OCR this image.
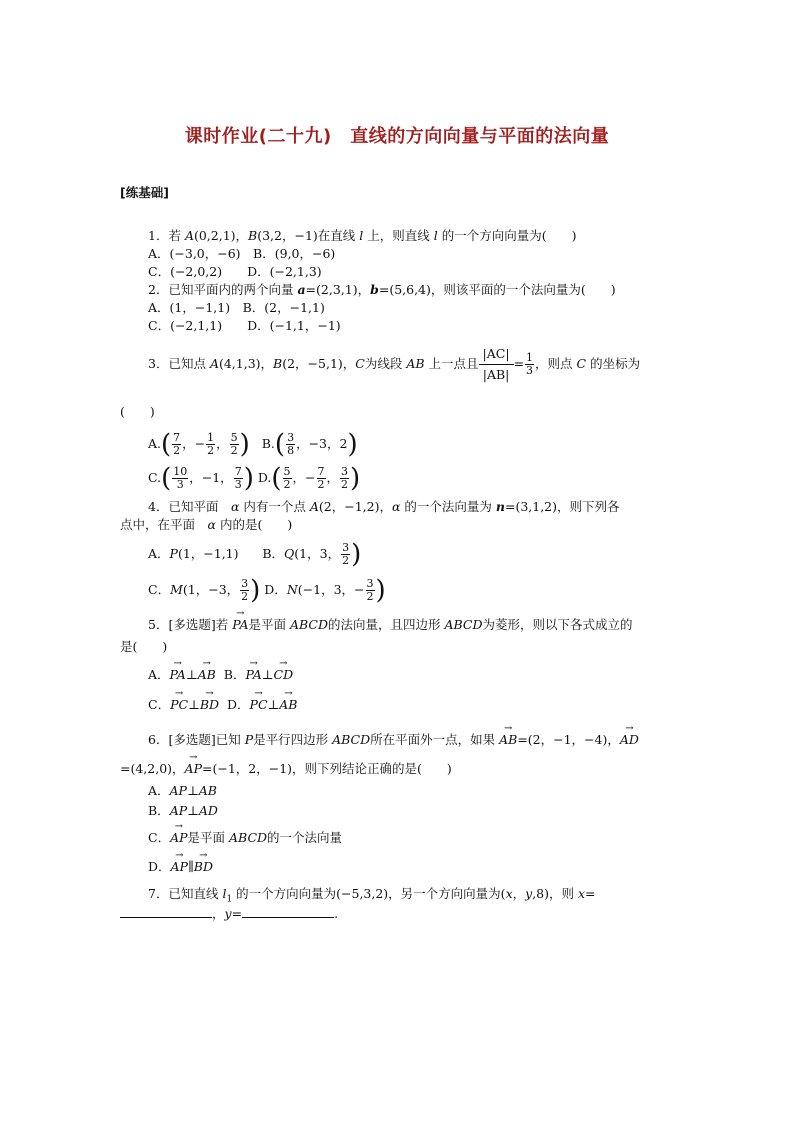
课时作业(二十九)　直线的方向向量与平面的法向量
[练基础]
1．若 A(0,2,1)，B(3,2，−1)在直线 l 上，则直线 l 的一个方向向量为(　　)
A．(−3,0，−6)　B．(9,0，−6)
C．(−2,0,2)　　D．(−2,1,3)
2．已知平面内的两个向量 a=(2,3,1)，b=(5,6,4)，则该平面的一个法向量为(　　)
A．(1，−1,1)　B．(2，−1,1)
C．(−2,1,1)　　D．(−1,1，−1)
3．已知点 A(4,1,3)，B(2，−5,1)，C为线段 AB 上一点且 $\frac{|AC|}{|AB|}= \frac{1}{3}$ ，则点 C 的坐标为
(　　)
$A.( \frac{7}{2}$ ，− $\frac{1}{2}$ ， $\frac{5}{2}$ ) $B.( \frac{3}{8}$ ，−3，2)
$C.( \frac{10}{3}$ ，−1， $\frac{7}{3}$ ) $D.( \frac{5}{2}$ ，− $\frac{7}{2}$ ， $\frac{3}{2}$ )
4．已知平面　α 内有一个点 A(2，−1,2)，α 的一个法向量为 n=(3,1,2)，则下列各
点中，在平面　α 内的是(　　)
A．P(1，−1,1) B．Q(1，3， $\frac{3}{2}$ )
C．M(1，−3， $\frac{3}{2}$ ) D．N(−1，3，− $\frac{3}{2}$ )
5．[多选题]若 → PA是平面 ABCD的法向量，且四边形 ABCD为菱形，则以下各式成立的
是(　　)
A．→ PA⊥→ AB B．→ PA⊥→ CD
C．→ PC⊥→ BD D．→ PC⊥→ AB
6．[多选题]已知 P是平行四边形 ABCD所在平面外一点，如果 → AB=(2，−1，−4)，→ AD
=(4,2,0)，→ AP=(−1，2，−1)，则下列结论正确的是(　　)
A．AP⊥AB
B．AP⊥AD
C．→ AP是平面 ABCD的一个法向量
D．→ AP∥→ BD
7．已知直线 $l_1$ 的一个方向向量为(−5,3,2)，另一个方向向量为(x，y,8)，则 x=
，y=	.
